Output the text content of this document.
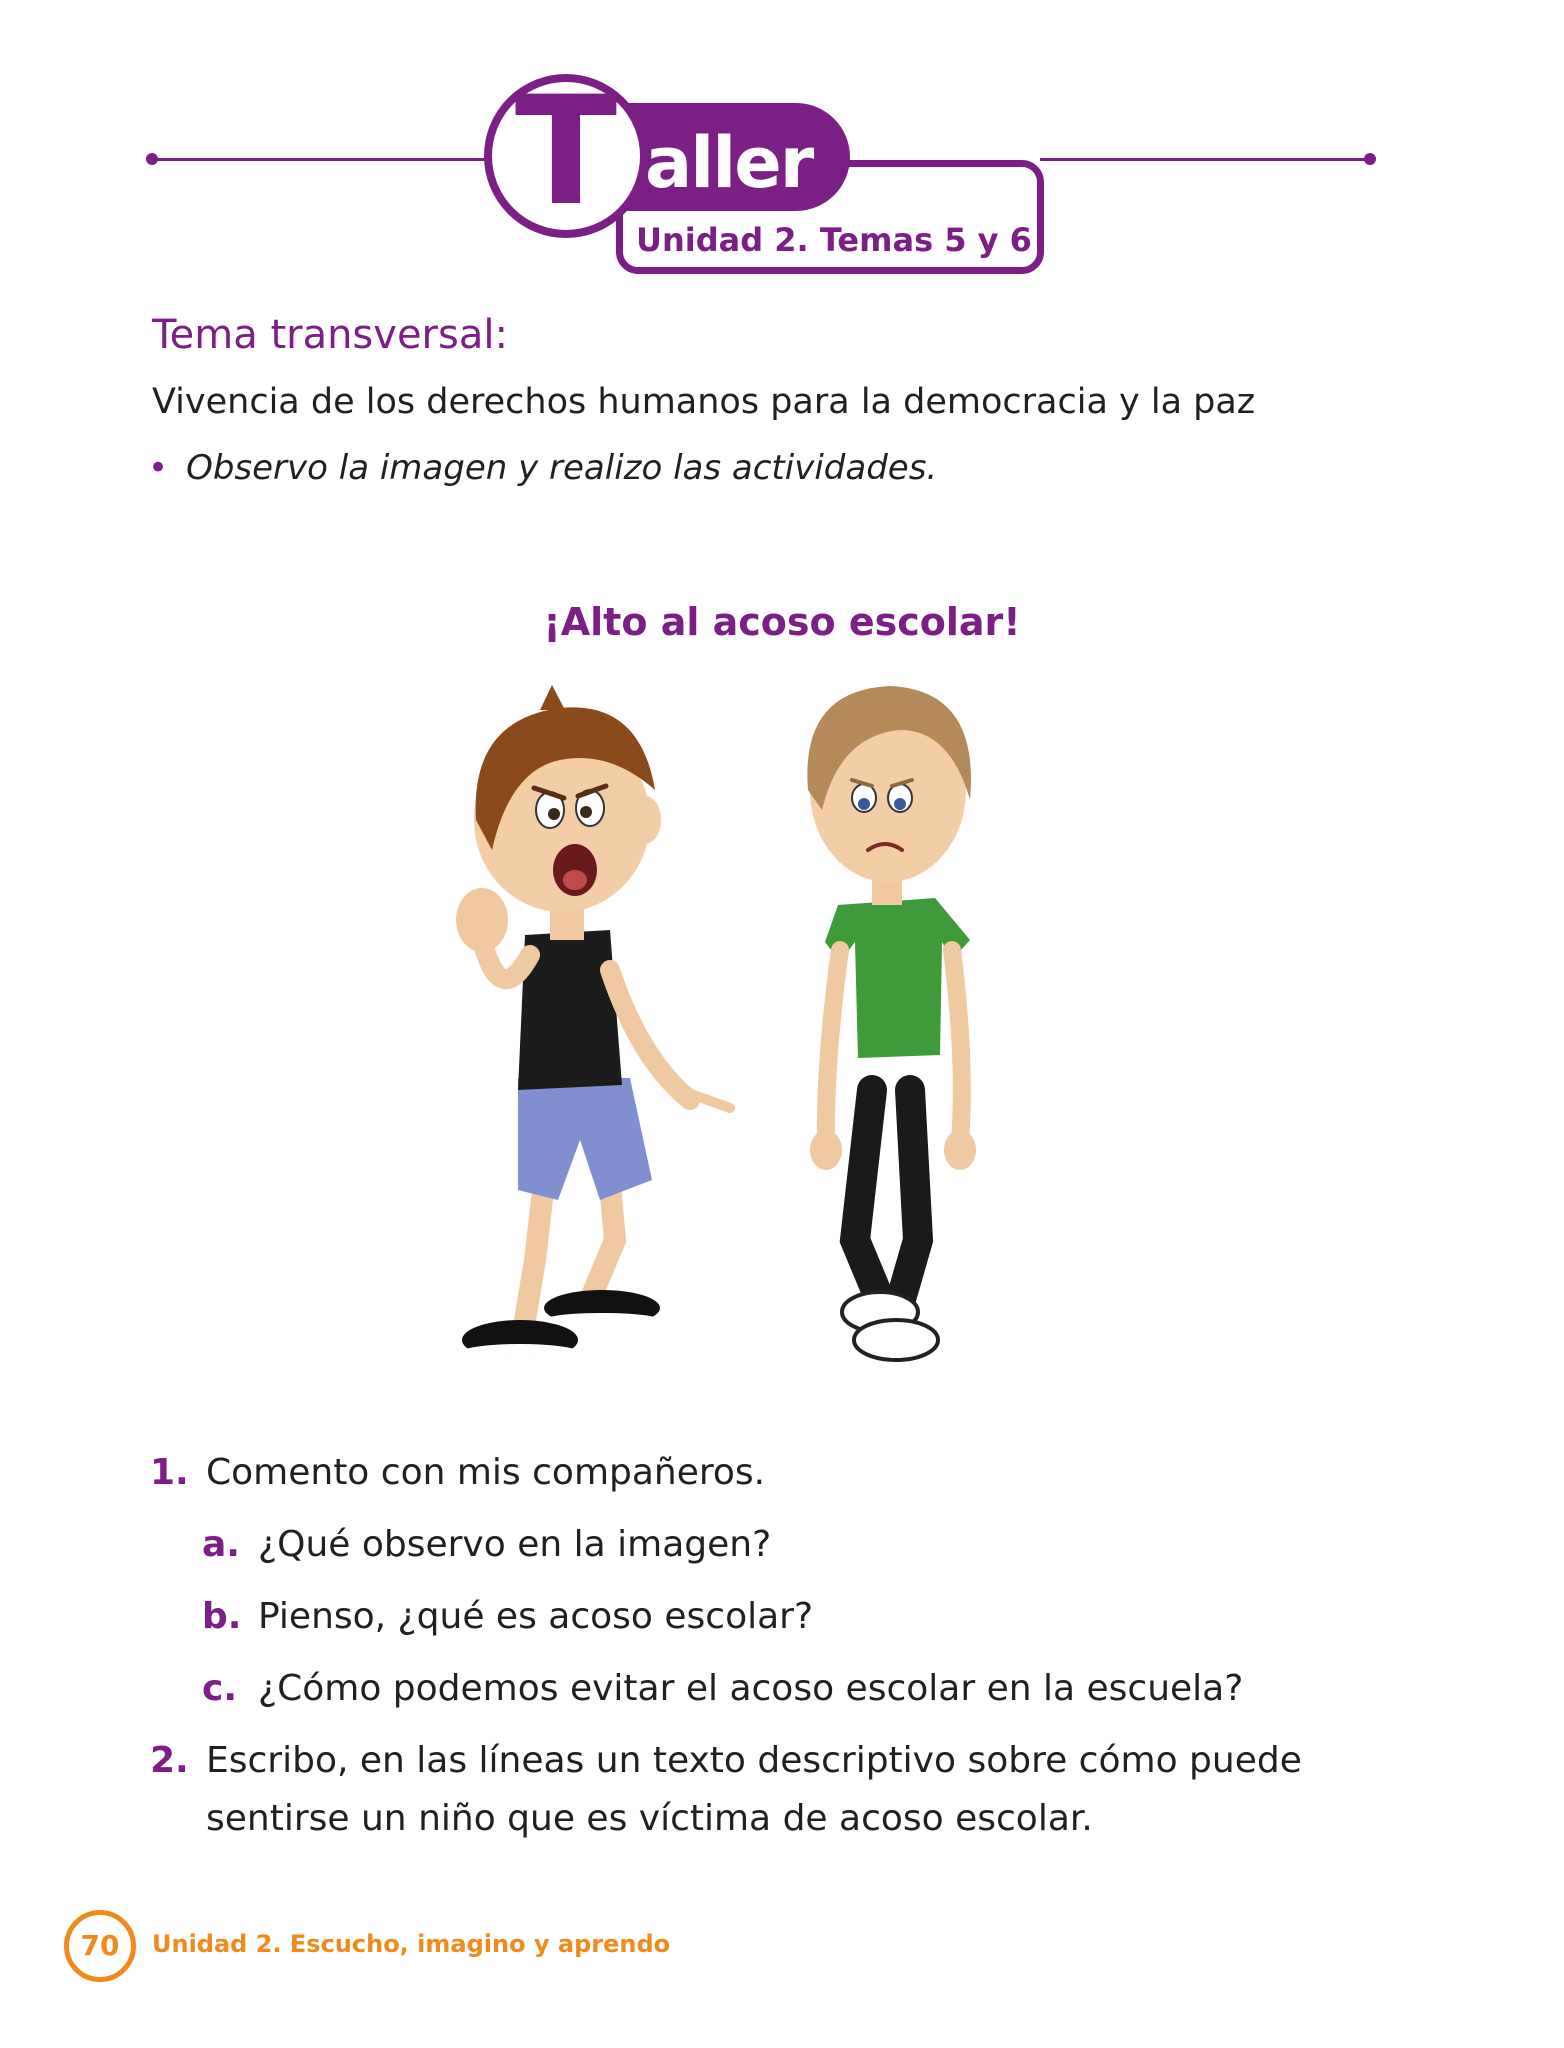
T aller
Unidad 2. Temas 5 y 6
Tema transversal:
Vivencia de los derechos humanos para la democracia y la paz
• Observo la imagen y realizo las actividades.
¡Alto al acoso escolar!
1. Comento con mis compañeros.
a. ¿Qué observo en la imagen?
b. Pienso, ¿qué es acoso escolar?
c. ¿Cómo podemos evitar el acoso escolar en la escuela?
2. Escribo, en las líneas un texto descriptivo sobre cómo puede
sentirse un niño que es víctima de acoso escolar.
70	Unidad 2. Escucho, imagino y aprendo
